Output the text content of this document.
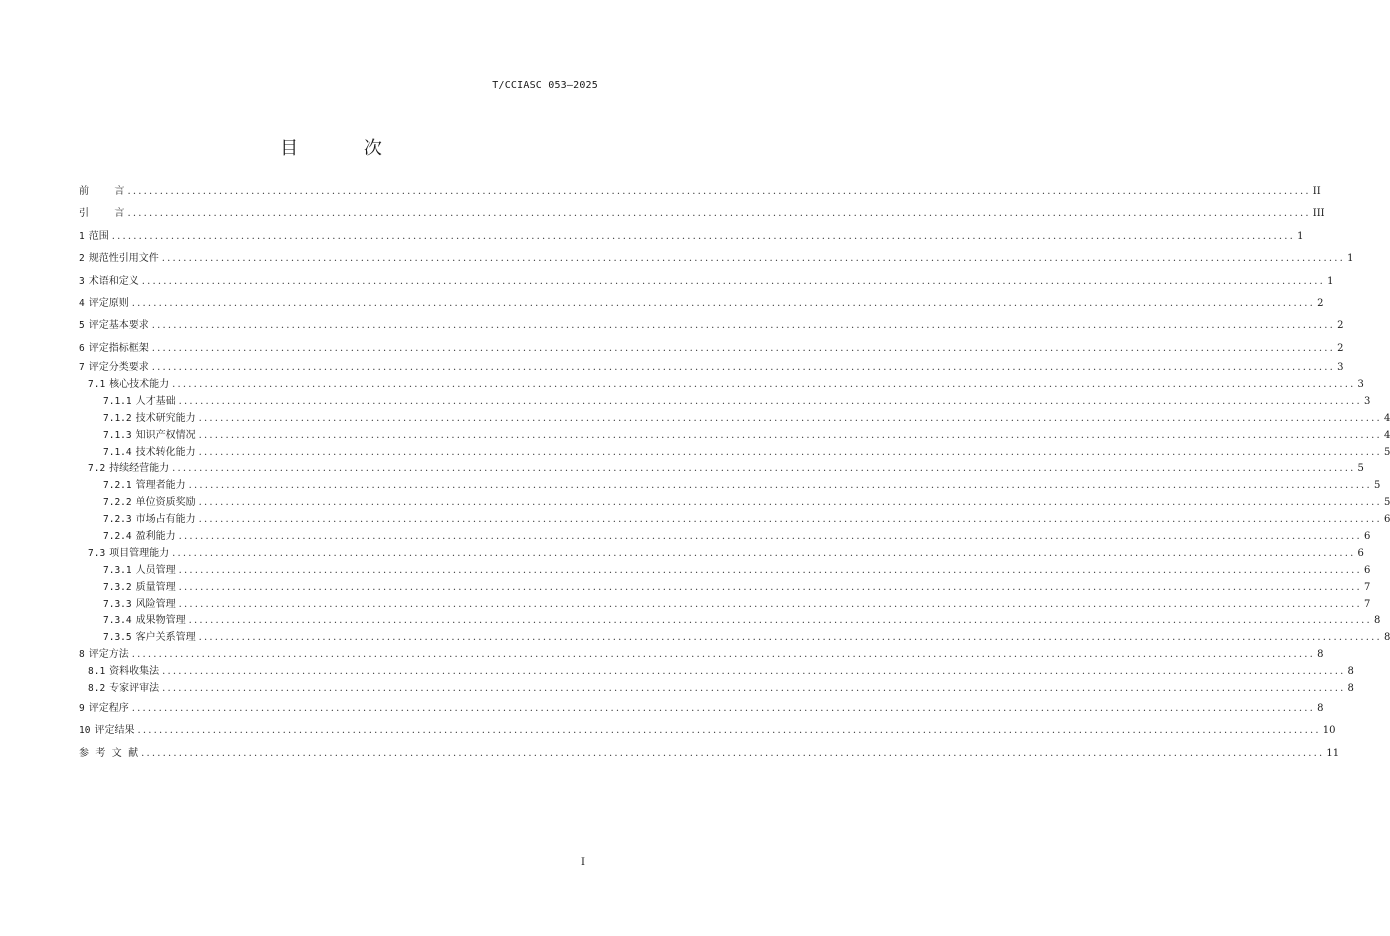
T/CCIASC 053—2025
目 次
前        言 ............................................................................................................................................................................................................................ II
引        言 ............................................................................................................................................................................................................................ III
1 范围 ............................................................................................................................................................................................................................ 1
2 规范性引用文件 ............................................................................................................................................................................................................................ 1
3 术语和定义 ............................................................................................................................................................................................................................ 1
4 评定原则 ............................................................................................................................................................................................................................ 2
5 评定基本要求 ............................................................................................................................................................................................................................ 2
6 评定指标框架 ............................................................................................................................................................................................................................ 2
7 评定分类要求 ............................................................................................................................................................................................................................ 3
7.1 核心技术能力 ............................................................................................................................................................................................................................ 3
7.1.1 人才基础 ............................................................................................................................................................................................................................ 3
7.1.2 技术研究能力 ............................................................................................................................................................................................................................ 4
7.1.3 知识产权情况 ............................................................................................................................................................................................................................ 4
7.1.4 技术转化能力 ............................................................................................................................................................................................................................ 5
7.2 持续经营能力 ............................................................................................................................................................................................................................ 5
7.2.1 管理者能力 ............................................................................................................................................................................................................................ 5
7.2.2 单位资质奖励 ............................................................................................................................................................................................................................ 5
7.2.3 市场占有能力 ............................................................................................................................................................................................................................ 6
7.2.4 盈利能力 ............................................................................................................................................................................................................................ 6
7.3 项目管理能力 ............................................................................................................................................................................................................................ 6
7.3.1 人员管理 ............................................................................................................................................................................................................................ 6
7.3.2 质量管理 ............................................................................................................................................................................................................................ 7
7.3.3 风险管理 ............................................................................................................................................................................................................................ 7
7.3.4 成果物管理 ............................................................................................................................................................................................................................ 8
7.3.5 客户关系管理 ............................................................................................................................................................................................................................ 8
8 评定方法 ............................................................................................................................................................................................................................ 8
8.1 资料收集法 ............................................................................................................................................................................................................................ 8
8.2 专家评审法 ............................................................................................................................................................................................................................ 8
9 评定程序 ............................................................................................................................................................................................................................ 8
10 评定结果 ............................................................................................................................................................................................................................ 10
参  考  文  献 ............................................................................................................................................................................................................................ 11
I
